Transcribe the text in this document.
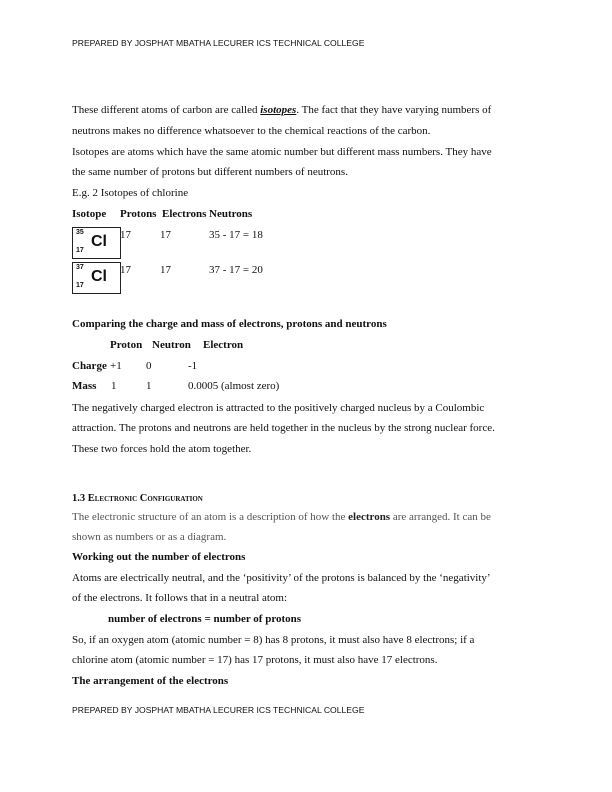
PREPARED BY JOSPHAT MBATHA LECURER ICS TECHNICAL COLLEGE
These different atoms of carbon are called isotopes. The fact that they have varying numbers of
neutrons makes no difference whatsoever to the chemical reactions of the carbon.
Isotopes are atoms which have the same atomic number but different mass numbers. They have
the same number of protons but different numbers of neutrons.
E.g. 2 Isotopes of chlorine
Isotope Protons Electrons Neutrons
35
Cl
17
17	17	35 - 17 = 18
37
Cl
17
17	17	37 - 17 = 20
Comparing the charge and mass of electrons, protons and neutrons
Proton Neutron Electron
Charge +1 0	-1
Mass 1	1	0.0005 (almost zero)
The negatively charged electron is attracted to the positively charged nucleus by a Coulombic
attraction. The protons and neutrons are held together in the nucleus by the strong nuclear force.
These two forces hold the atom together.
1.3 Electronic Configuration
The electronic structure of an atom is a description of how the electrons are arranged. It can be
shown as numbers or as a diagram.
Working out the number of electrons
Atoms are electrically neutral, and the ‘positivity’ of the protons is balanced by the ‘negativity’
of the electrons. It follows that in a neutral atom:
number of electrons = number of protons
So, if an oxygen atom (atomic number = 8) has 8 protons, it must also have 8 electrons; if a
chlorine atom (atomic number = 17) has 17 protons, it must also have 17 electrons.
The arrangement of the electrons
PREPARED BY JOSPHAT MBATHA LECURER ICS TECHNICAL COLLEGE
